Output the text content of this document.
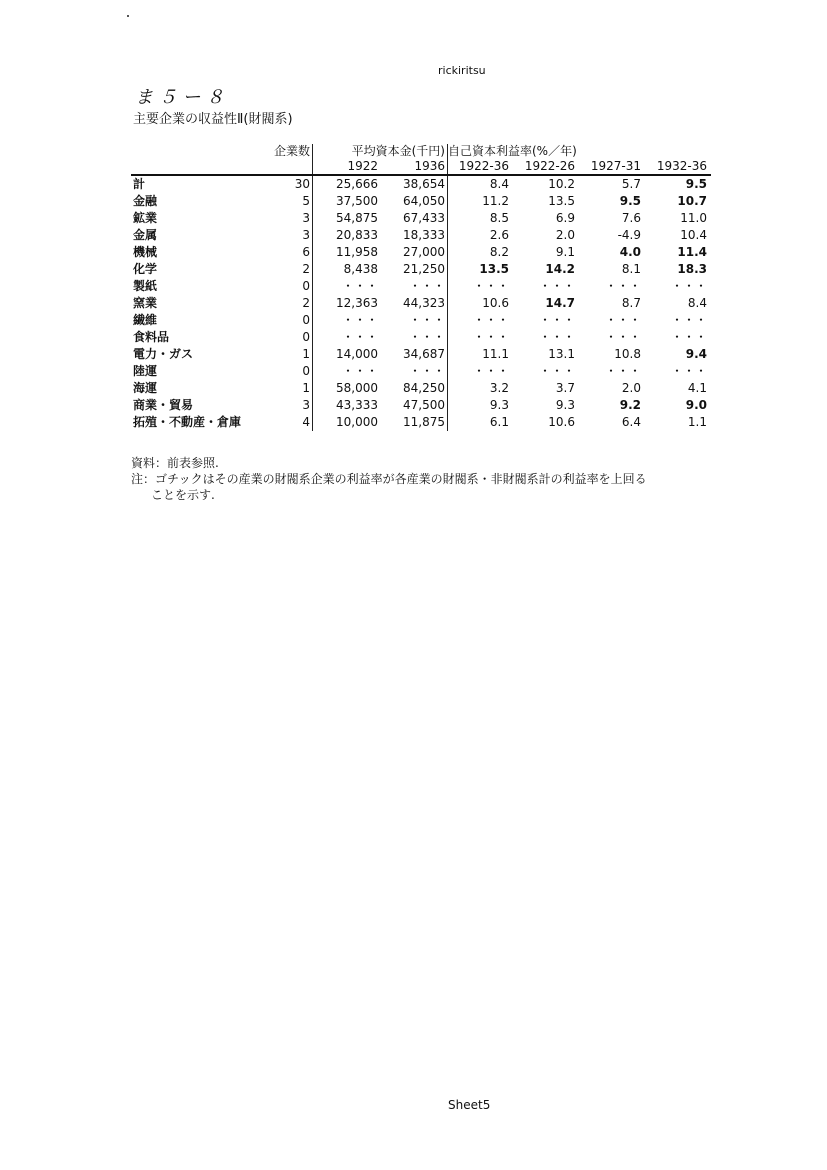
rickiritsu
ま ５ ー ８
主要企業の収益性Ⅱ(財閥系)
	企業数	平均資本金(千円)		自己資本利益率(%／年)			
		1922	1936	1922-36	1922-26	1927-31	1932-36
計	30	25,666	38,654	8.4	10.2	5.7	9.5
金融	5	37,500	64,050	11.2	13.5	9.5	10.7
鉱業	3	54,875	67,433	8.5	6.9	7.6	11.0
金属	3	20,833	18,333	2.6	2.0	-4.9	10.4
機械	6	11,958	27,000	8.2	9.1	4.0	11.4
化学	2	8,438	21,250	13.5	14.2	8.1	18.3
製紙	0	・・・	・・・	・・・	・・・	・・・	・・・
窯業	2	12,363	44,323	10.6	14.7	8.7	8.4
繊維	0	・・・	・・・	・・・	・・・	・・・	・・・
食料品	0	・・・	・・・	・・・	・・・	・・・	・・・
電力・ガス	1	14,000	34,687	11.1	13.1	10.8	9.4
陸運	0	・・・	・・・	・・・	・・・	・・・	・・・
海運	1	58,000	84,250	3.2	3.7	2.0	4.1
商業・貿易	3	43,333	47,500	9.3	9.3	9.2	9.0
拓殖・不動産・倉庫	4	10,000	11,875	6.1	10.6	6.4	1.1
資料：前表参照.
注：ゴチックはその産業の財閥系企業の利益率が各産業の財閥系・非財閥系計の利益率を上回る
ことを示す.
Sheet5
